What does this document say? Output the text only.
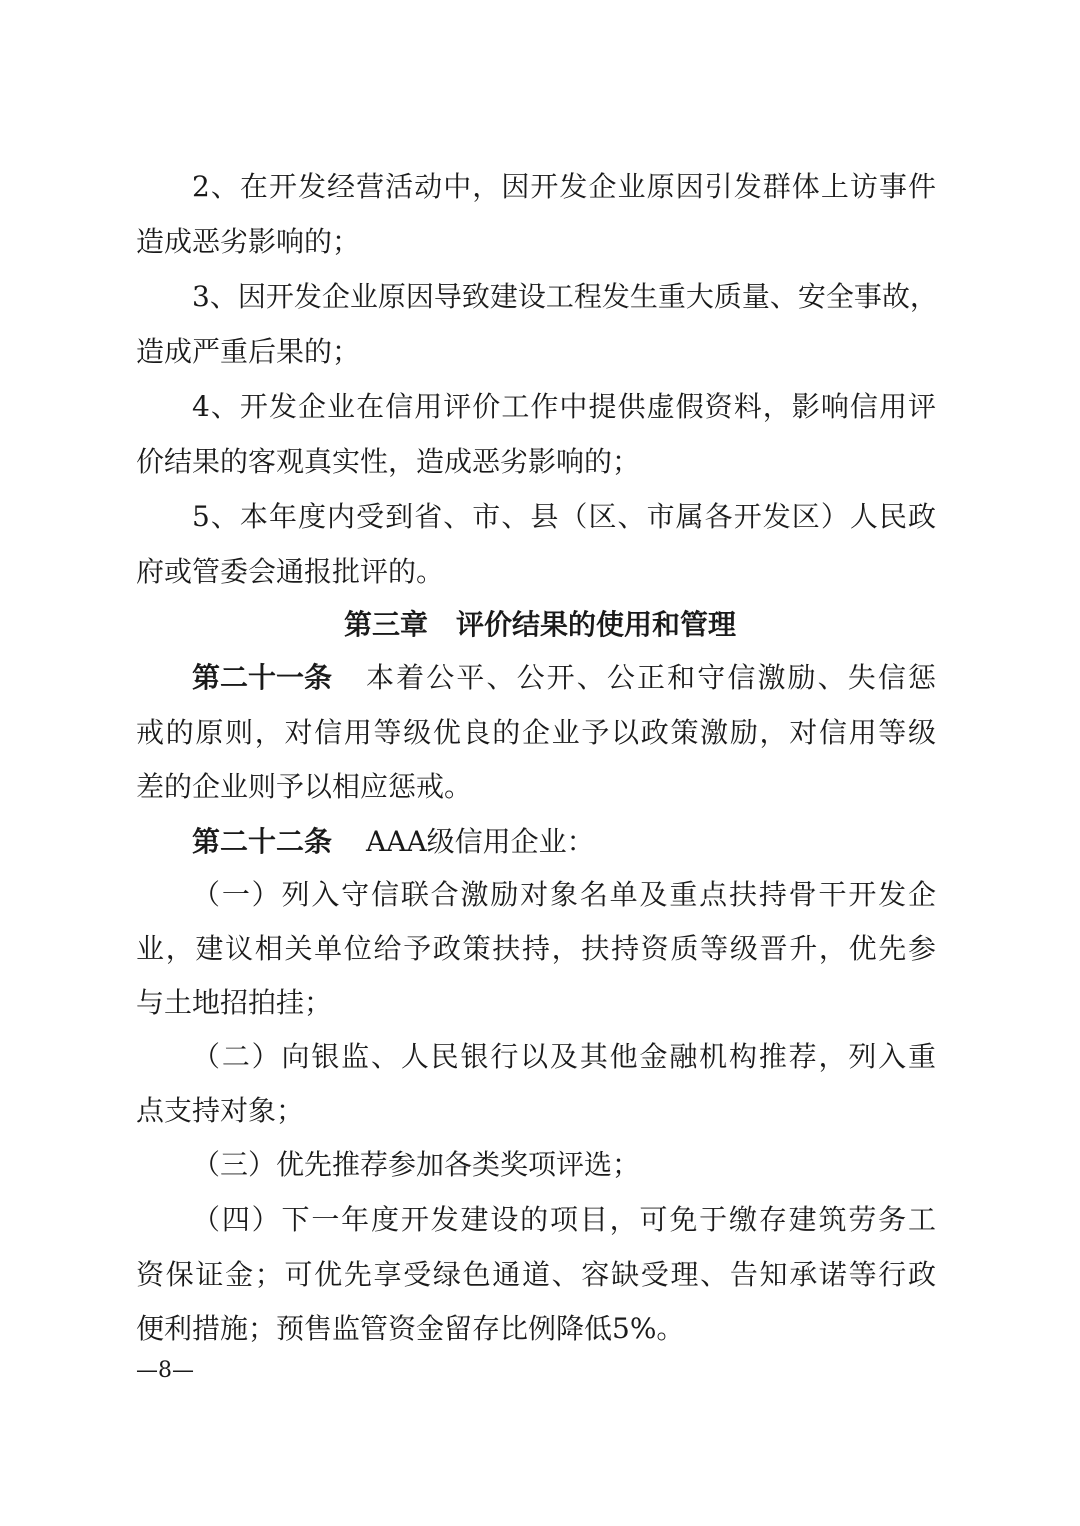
2、在开发经营活动中，因开发企业原因引发群体上访事件
造成恶劣影响的；
3、因开发企业原因导致建设工程发生重大质量、安全事故，
造成严重后果的；
4、开发企业在信用评价工作中提供虚假资料，影响信用评
价结果的客观真实性，造成恶劣影响的；
5、本年度内受到省、市、县（区、市属各开发区）人民政
府或管委会通报批评的。
第三章　评价结果的使用和管理
第二十一条 本着公平、公开、公正和守信激励、失信惩
戒的原则，对信用等级优良的企业予以政策激励，对信用等级
差的企业则予以相应惩戒。
第二十二条 AAA级信用企业：
（一）列入守信联合激励对象名单及重点扶持骨干开发企
业，建议相关单位给予政策扶持，扶持资质等级晋升，优先参
与土地招拍挂；
（二）向银监、人民银行以及其他金融机构推荐，列入重
点支持对象；
（三）优先推荐参加各类奖项评选；
（四）下一年度开发建设的项目，可免于缴存建筑劳务工
资保证金；可优先享受绿色通道、容缺受理、告知承诺等行政
便利措施；预售监管资金留存比例降低5%。
—8—
